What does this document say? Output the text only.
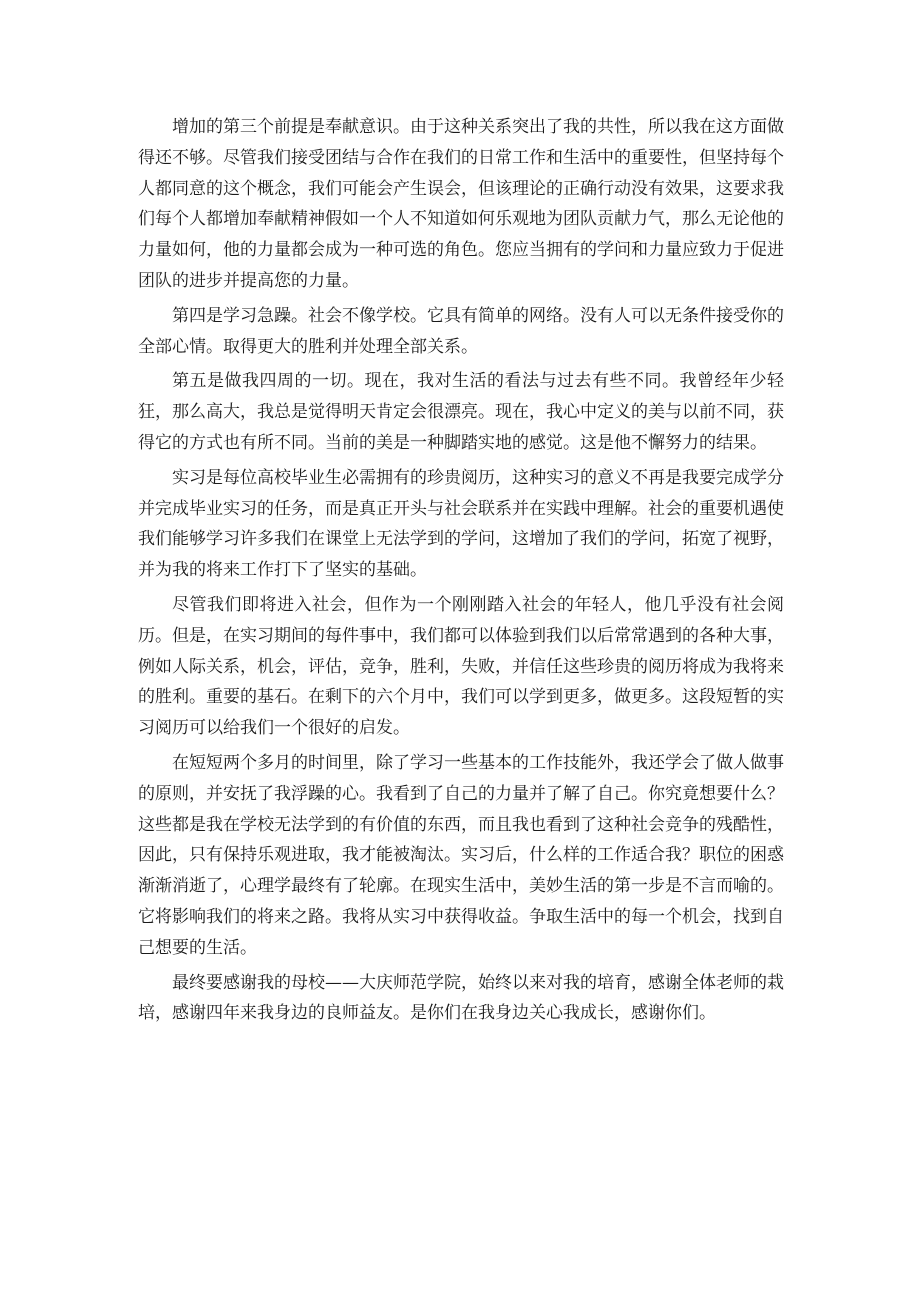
增加的第三个前提是奉献意识。由于这种关系突出了我的共性，所以我在这方面做得还不够。尽管我们接受团结与合作在我们的日常工作和生活中的重要性，但坚持每个人都同意的这个概念，我们可能会产生误会，但该理论的正确行动没有效果，这要求我们每个人都增加奉献精神假如一个人不知道如何乐观地为团队贡献力气，那么无论他的力量如何，他的力量都会成为一种可选的角色。您应当拥有的学问和力量应致力于促进团队的进步并提高您的力量。

第四是学习急躁。社会不像学校。它具有简单的网络。没有人可以无条件接受你的全部心情。取得更大的胜利并处理全部关系。

第五是做我四周的一切。现在，我对生活的看法与过去有些不同。我曾经年少轻狂，那么高大，我总是觉得明天肯定会很漂亮。现在，我心中定义的美与以前不同，获得它的方式也有所不同。当前的美是一种脚踏实地的感觉。这是他不懈努力的结果。

实习是每位高校毕业生必需拥有的珍贵阅历，这种实习的意义不再是我要完成学分并完成毕业实习的任务，而是真正开头与社会联系并在实践中理解。社会的重要机遇使我们能够学习许多我们在课堂上无法学到的学问，这增加了我们的学问，拓宽了视野，并为我的将来工作打下了坚实的基础。

尽管我们即将进入社会，但作为一个刚刚踏入社会的年轻人，他几乎没有社会阅历。但是，在实习期间的每件事中，我们都可以体验到我们以后常常遇到的各种大事，例如人际关系，机会，评估，竞争，胜利，失败，并信任这些珍贵的阅历将成为我将来的胜利。重要的基石。在剩下的六个月中，我们可以学到更多，做更多。这段短暂的实习阅历可以给我们一个很好的启发。

在短短两个多月的时间里，除了学习一些基本的工作技能外，我还学会了做人做事的原则，并安抚了我浮躁的心。我看到了自己的力量并了解了自己。你究竟想要什么？这些都是我在学校无法学到的有价值的东西，而且我也看到了这种社会竞争的残酷性，因此，只有保持乐观进取，我才能被淘汰。实习后，什么样的工作适合我？职位的困惑渐渐消逝了，心理学最终有了轮廓。在现实生活中，美妙生活的第一步是不言而喻的。它将影响我们的将来之路。我将从实习中获得收益。争取生活中的每一个机会，找到自己想要的生活。

最终要感谢我的母校——大庆师范学院，始终以来对我的培育，感谢全体老师的栽培，感谢四年来我身边的良师益友。是你们在我身边关心我成长，感谢你们。
